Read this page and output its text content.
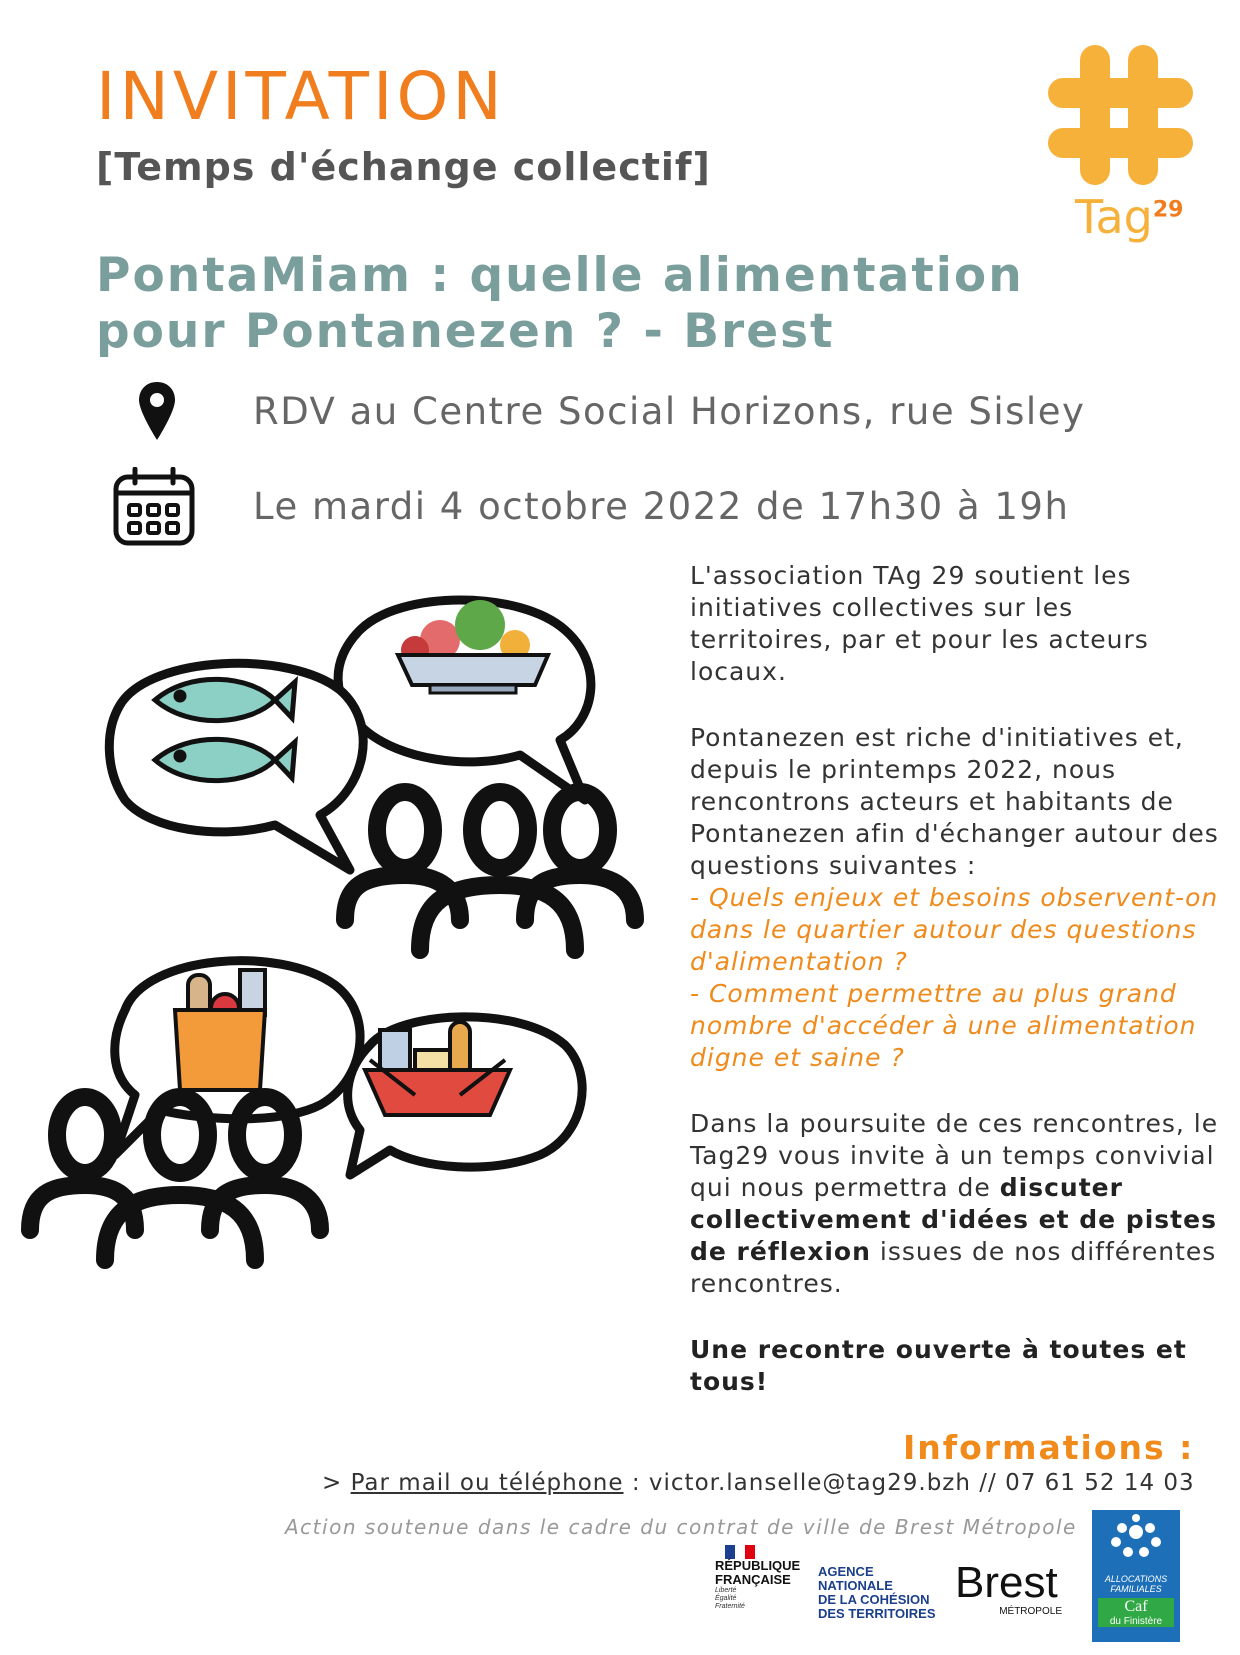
INVITATION
[Temps d'échange collectif]
PontaMiam : quelle alimentation pour Pontanezen ? - Brest
Tag$^{29}$
RDV au Centre Social Horizons, rue Sisley
Le mardi 4 octobre 2022 de 17h30 à 19h

L'association TAg 29 soutient les initiatives collectives sur les territoires, par et pour les acteurs locaux.

Pontanezen est riche d'initiatives et, depuis le printemps 2022, nous rencontrons acteurs et habitants de Pontanezen afin d'échanger autour des questions suivantes :
- Quels enjeux et besoins observent-on dans le quartier autour des questions d'alimentation ?
- Comment permettre au plus grand nombre d'accéder à une alimentation digne et saine ?

Dans la poursuite de ces rencontres, le Tag29 vous invite à un temps convivial qui nous permettra de discuter collectivement d'idées et de pistes de réflexion issues de nos différentes rencontres.

Une recontre ouverte à toutes et tous!

Informations :
> Par mail ou téléphone : victor.lanselle@tag29.bzh // 07 61 52 14 03
Action soutenue dans le cadre du contrat de ville de Brest Métropole
RÉPUBLIQUE
FRANÇAISE
Liberté
Égalité
Fraternité
AGENCE
NATIONALE
DE LA COHÉSION
DES TERRITOIRES
Brest
MÉTROPOLE
ALLOCATIONS
FAMILIALES
Caf
du Finistère
